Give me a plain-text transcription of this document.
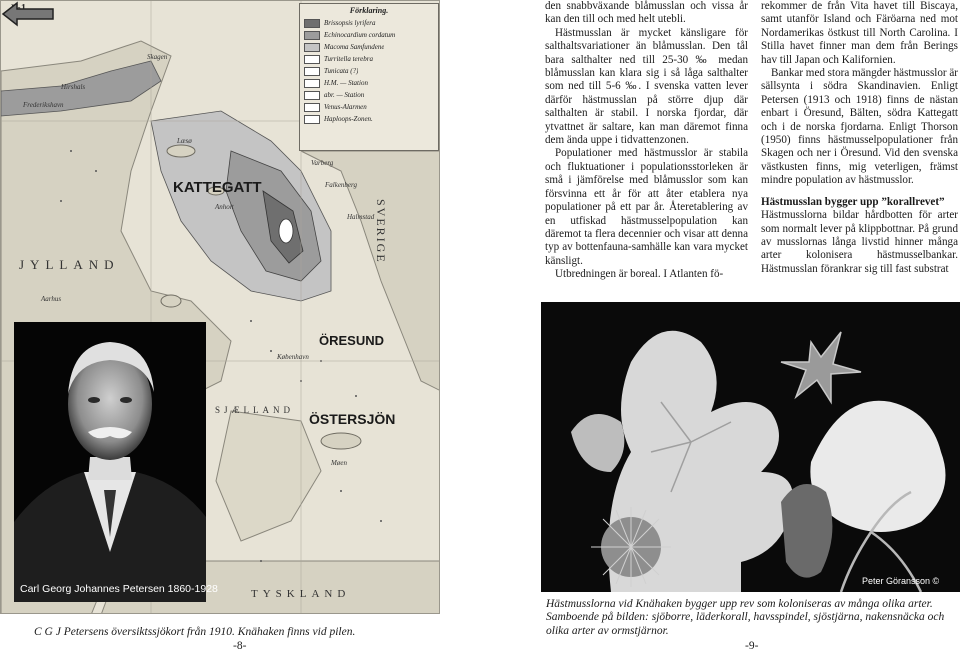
Förklaring.
Brissopsis lyrifera
Echinocardium cordatum
Macoma Samfundene
Turritella terebra
Tunicata (?)
H.M. — Station
abr. — Station
Venus-Alarmen
Haploops-Zonen.
Skagen
Hirshals
Frederikshavn
Læsø
Anholt
Varberg
Falkenberg
Halmstad
København
Møen
Aarhus
KATTEGATT
ÖRESUND
ÖSTERSJÖN
JYLLAND
TYSKLAND
SJÆLLAND
SVERIGE
Carl Georg Johannes Petersen 1860-1928
C G J Petersens översiktssjökort från 1910. Knähaken finns vid pilen.
-8-

den snabbväxande blåmusslan och vissa år kan den till och med helt utebli.

Hästmusslan är mycket känsligare för salthaltsvariationer än blåmusslan. Den tål bara salthalter ned till 25-30 ‰ medan blåmusslan kan klara sig i så låga salthalter som ned till 5-6 ‰. I svenska vatten lever därför hästmusslan på större djup där salthalten är stabil. I norska fjordar, där ytvattnet är saltare, kan man däremot finna dem ända uppe i tidvattenzonen.

Populationer med hästmusslor är stabila och fluktuationer i populationsstorleken är små i jämförelse med blåmusslor som kan försvinna ett år för att åter etablera nya populationer på ett par år. Återetablering av en utfiskad hästmusselpopulation kan däremot ta flera decennier och visar att denna typ av bottenfauna-samhälle kan vara mycket känsligt.

Utbredningen är boreal. I Atlanten fö-

rekommer de från Vita havet till Biscaya, samt utanför Island och Färöarna ned mot Nordamerikas östkust till North Carolina. I Stilla havet finner man dem från Berings hav till Japan och Kalifornien.

Bankar med stora mängder hästmusslor är sällsynta i södra Skandinavien. Enligt Petersen (1913 och 1918) finns de nästan enbart i Öresund, Bälten, södra Kattegatt och i de norska fjordarna. Enligt Thorson (1950) finns hästmusselpopulationer från Skagen och ner i Öresund. Vid den svenska västkusten finns, mig veterligen, främst mindre population av hästmusslor.

Hästmusslan bygger upp ”korallrevet”

Hästmusslorna bildar hårdbotten för arter som normalt lever på klippbottnar. På grund av musslornas långa livstid hinner många arter kolonisera hästmusselbankar. Hästmusslan förankrar sig till fast substrat

Peter Göransson ©
Hästmusslorna vid Knähaken bygger upp rev som koloniseras av många olika arter. Samboende på bilden: sjöborre, läderkorall, havsspindel, sjöstjärna, nakensnäcka och olika arter av ormstjärnor.
-9-
